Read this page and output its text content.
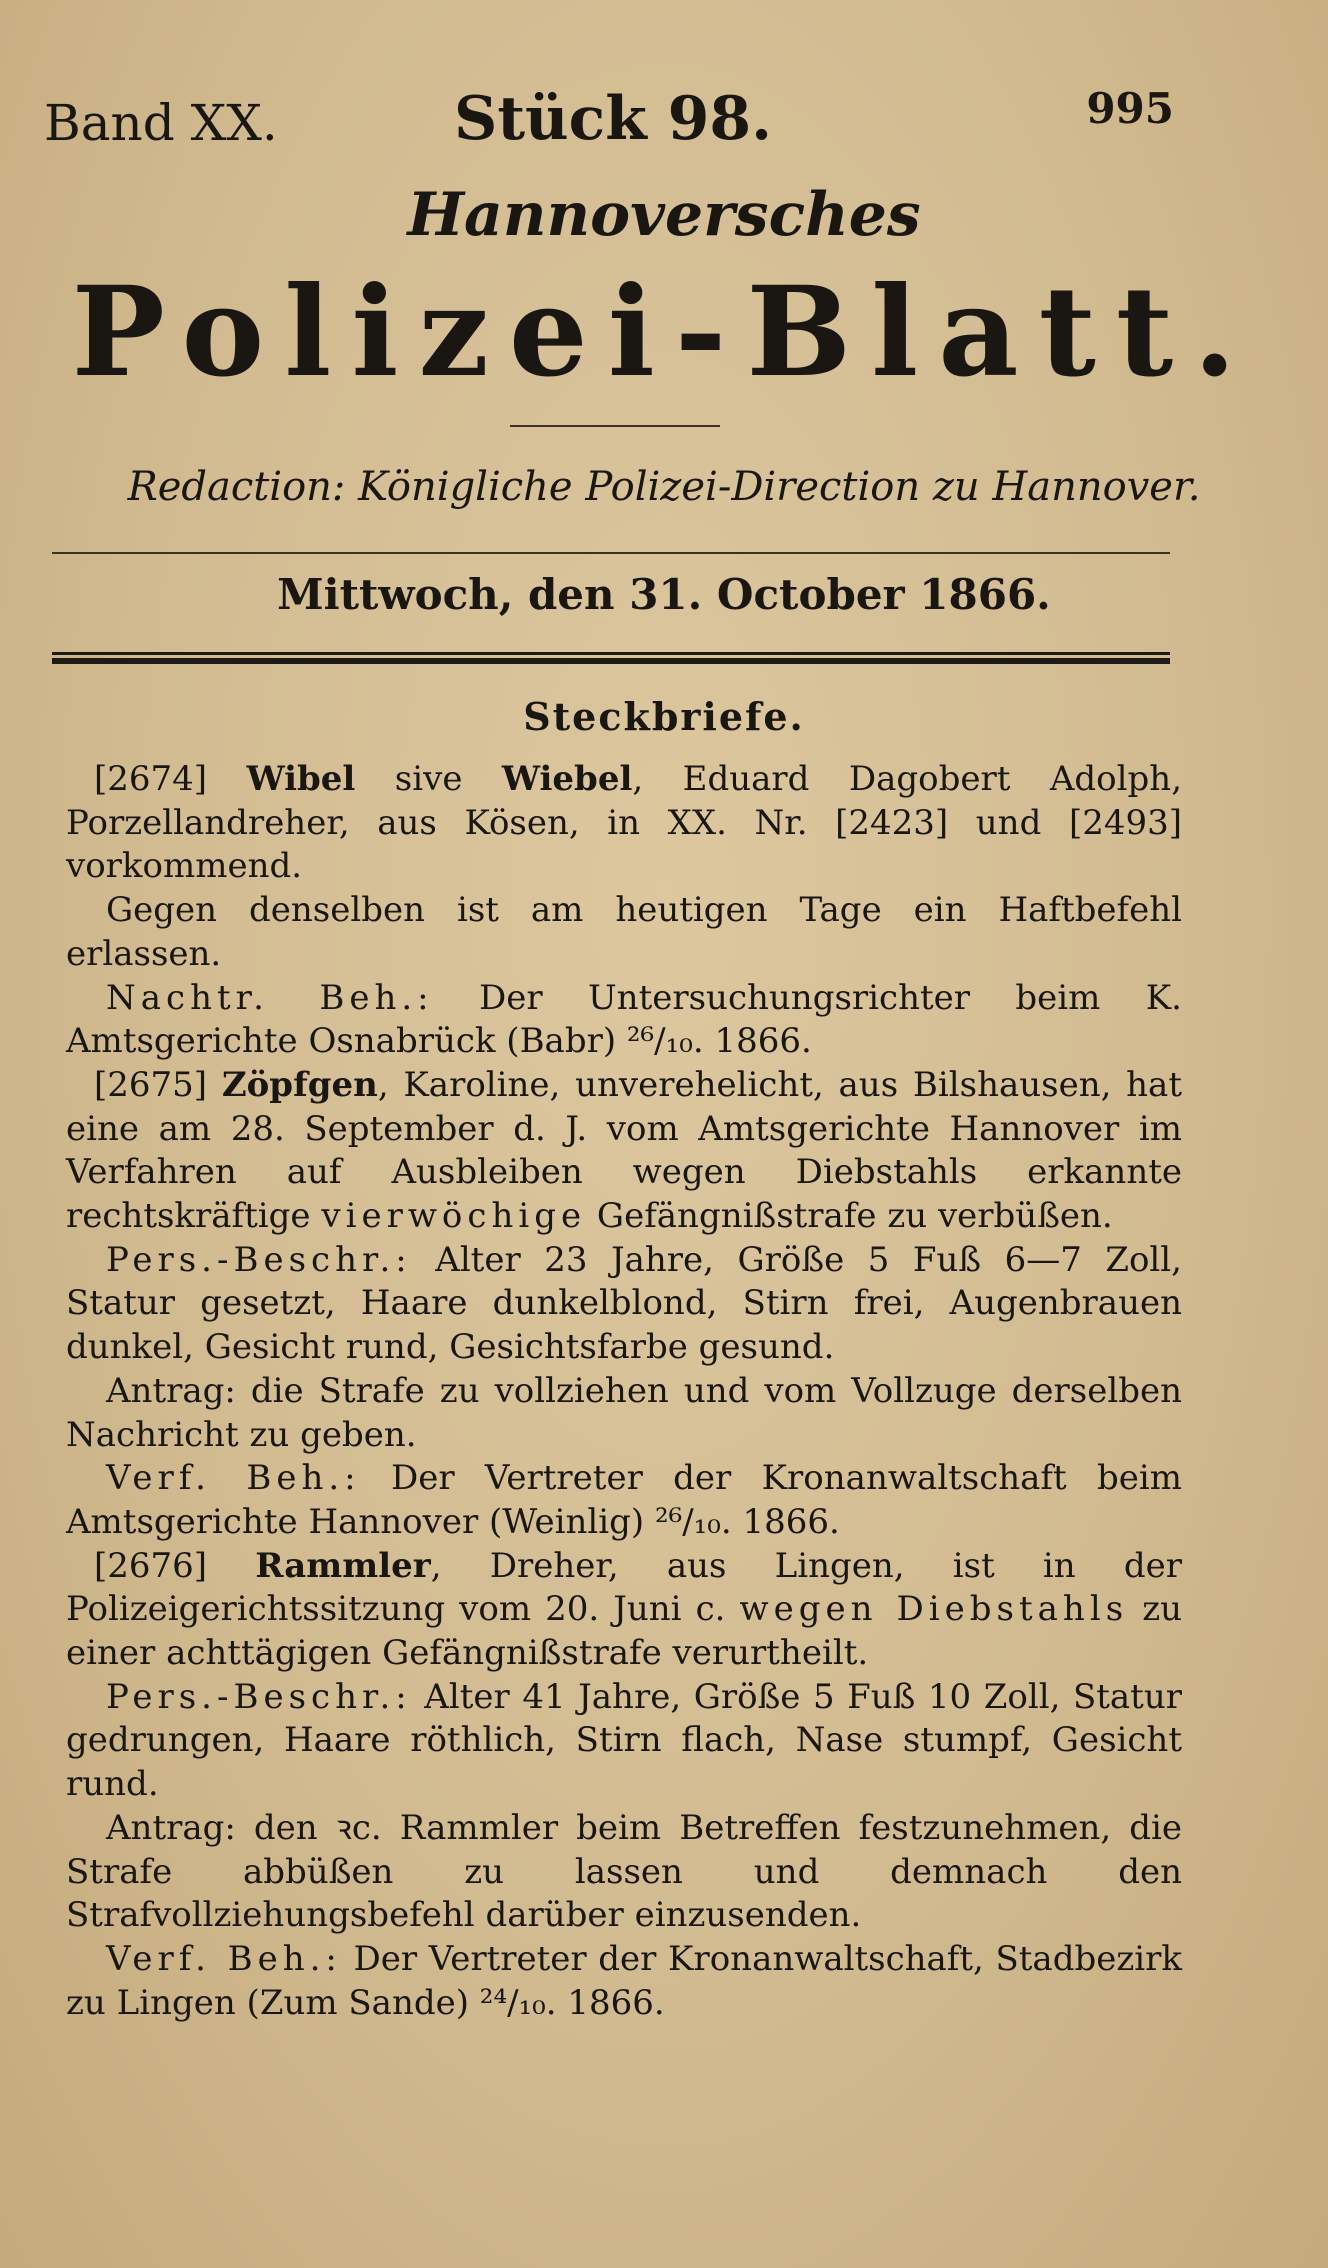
Band XX.	Stück 98.	995
Hannoversches
Polizei-Blatt.
Redaction: Königliche Polizei-Direction zu Hannover.
Mittwoch, den 31. October 1866.
Steckbriefe.

[2674] Wibel sive Wiebel, Eduard Dagobert Adolph, Porzellandreher, aus Kösen, in XX. Nr. [2423] und [2493] vorkommend.

Gegen denselben ist am heutigen Tage ein Haftbefehl erlassen.

Nachtr. Beh.: Der Untersuchungsrichter beim K. Amtsgerichte Osnabrück (Babr) ²⁶/₁₀. 1866.

[2675] Zöpfgen, Karoline, unverehelicht, aus Bilshausen, hat eine am 28. September d. J. vom Amtsgerichte Hannover im Verfahren auf Ausbleiben wegen Diebstahls erkannte rechtskräftige vierwöchige Gefängnißstrafe zu verbüßen.

Pers.-Beschr.: Alter 23 Jahre, Größe 5 Fuß 6—7 Zoll, Statur gesetzt, Haare dunkelblond, Stirn frei, Augenbrauen dunkel, Gesicht rund, Gesichtsfarbe gesund.

Antrag: die Strafe zu vollziehen und vom Vollzuge derselben Nachricht zu geben.

Verf. Beh.: Der Vertreter der Kronanwaltschaft beim Amtsgerichte Hannover (Weinlig) ²⁶/₁₀. 1866.

[2676] Rammler, Dreher, aus Lingen, ist in der Polizeigerichtssitzung vom 20. Juni c. wegen Diebstahls zu einer achttägigen Gefängnißstrafe verurtheilt.

Pers.-Beschr.: Alter 41 Jahre, Größe 5 Fuß 10 Zoll, Statur gedrungen, Haare röthlich, Stirn flach, Nase stumpf, Gesicht rund.

Antrag: den ꝛc. Rammler beim Betreffen festzunehmen, die Strafe abbüßen zu lassen und demnach den Strafvollziehungsbefehl darüber einzusenden.

Verf. Beh.: Der Vertreter der Kronanwaltschaft, Stadbezirk zu Lingen (Zum Sande) ²⁴/₁₀. 1866.
